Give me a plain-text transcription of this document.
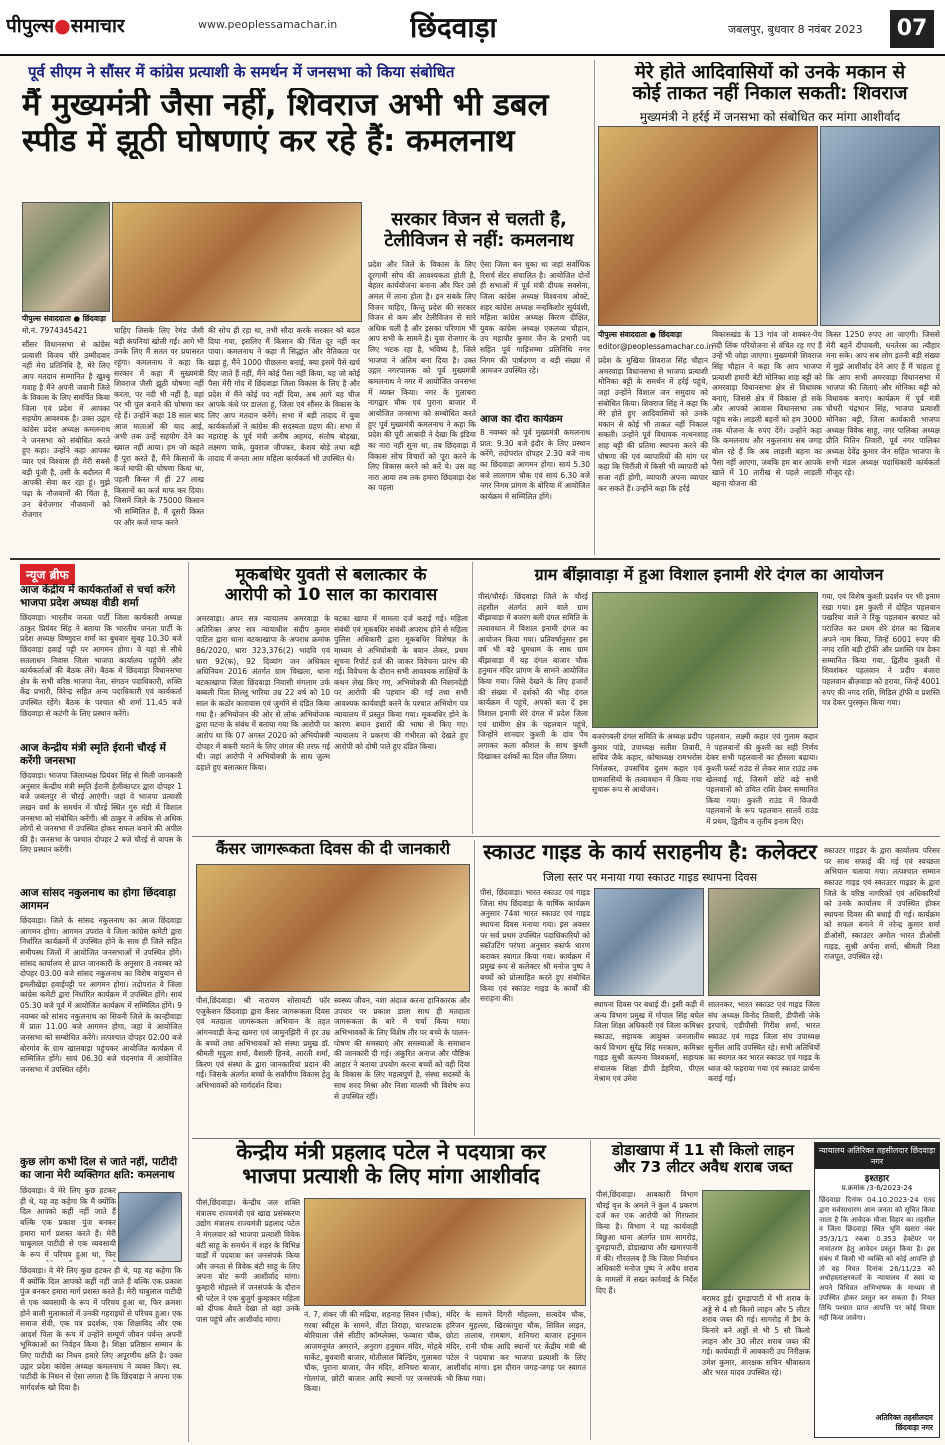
पीपुल्स●समाचार	www.peoplessamachar.in	छिंदवाड़ा	जबलपुर, बुधवार 8 नवंबर 2023	07
पूर्व सीएम ने सौंसर में कांग्रेस प्रत्याशी के समर्थन में जनसभा को किया संबोधित
मैं मुख्यमंत्री जैसा नहीं, शिवराज अभी भी डबल
स्पीड में झूठी घोषणाएं कर रहे हैं: कमलनाथ
पीपुल्स संवाददाता ● छिंदवाड़ा
मो.नं. 7974345421
सौंसर विधानसभा से कांग्रेस प्रत्याशी विजय चौरे उम्मीदवार नहीं मेरा प्रतिनिधि है, मेरे लिए आप मतदान सम्मानित है खुश्बू गवाह है मैंने अपनी जवानी जिले के विकास के लिए समर्पित किया जिला एवं प्रदेश में आपका सहयोग आवश्यक है। उक्त उद्गार कांग्रेस प्रदेश अध्यक्ष कमलनाथ ने जनसभा को संबोधित करते हुए कहा। उन्होंने कहा आपका प्यार एवं विश्वास ही मेरी सबसे बड़ी पूंजी है, उसी के बदौलत मैं आपकी सेवा कर रहा हूं। मुझे पढ़ा के नौजवानों की चिंता है, उन बेरोजगार नौजवानों को रोजगार
चाहिए जिसके लिए रेमंड जैसी बड़ी कंपनियां खोली गईं। आगे भी उनके लिए मैं सतत पर प्रयासरत रहूंगा। कमलनाथ ने कहा कि सरकार में कहा मैं मुख्यमंत्री शिवराज जैसी झूठी घोषणा नहीं करता, पर नदी भी नहीं है, वहां पर भी पुल बनाने की घोषणा कर रहे हैं। उन्होंने कहा 18 साल बाद आज माताओं की याद आई, अभी तक उन्हें सहयोग देने का ख्याल नहीं आया। हम जो कहते हैं पूरा करते हैं, मैंने किसानों के कर्ज माफी की घोषणा किया था, पहली किस्त में ही 27 लाख किसानों का कर्ज माफ कर दिया। जिसमें जिले के 75000 किसान भी सम्मिलित हैं, मैं दूसरी किस्त पर और कर्ज माफ करने
की सोच ही रहा था, तभी सौदा करके सरकार को बदल दिया गया, इसलिए मैं किसान की चिंता दूर नहीं कर पाया। कमलनाथ ने कहा मैं सिद्धांत और नैतिकता पर खड़ा हूं, मैंने 1000 पीछलना बनाई, क्या इसमें पैसे खर्च दिए जाते हैं नहीं, मैंने कोई पैसा नहीं किया, यह जो कोई पैसा मेरी गोद में छिंदवाड़ा जिला विकास के लिए है और प्रदेश में मैंने कोई पद नहीं दिया, अब आगे यह चीज आपके कंधे पर डालता हूं, जिला एवं सौंसर के विकास के लिए आप मतदान करेंगे। सभा में बड़ी तादाद में युवा कार्यकर्ताओं ने कांग्रेस की सदस्यता ग्रहण की। सभा में महाराष्ट्र के पूर्व मंत्री अनीष अहमद, संतोष बोड़खा, लक्ष्मण चाके, युवराज जीपकर, केशव बोड़े तथा बड़ी तादाद में जनता आम महिला कार्यकर्ता भी उपस्थित थे।
सरकार विजन से चलती है,
टेलीविजन से नहीं: कमलनाथ
प्रदेश और जिले के विकास के लिए दूरगामी सोच की आवश्यकता होती है, बेहतर कार्ययोजना बनाना और फिर उसे अमल में लाना होता है। इन सबके लिए विजन चाहिए, किन्तु प्रदेश की सरकार विजन से कम और टेलीविजन से सारे अधिक चली है और इसका परिणाम भी आप सभी के सामने है। युवा रोजगार के लिए भटक रहा है, भविष्य है, जिले भाजपा ने अंतिम बना दिया है। उक्त उद्गार नगरपालक को पूर्व मुख्यमंत्री कमलनाथ ने नगर में आयोजित जनसभा में व्यक्त किया। नगर के गुलाबरा नागद्वार चौक एवं पुराना बाजार में आयोजित जनसभा को सम्बोधित करते हुए पूर्व मुख्यमंत्री कमलनाथ ने कहा कि प्रदेश की पूरी आबादी ने देखा कि इंडिया का नारा नहीं सुना था, तब छिंदवाड़ा में विकास सोच विचारों को पूरा करने के लिए विकास करने को करें ये। उस वह नारा आया तब तक हमारा छिंदवाड़ा देश का पहला
ऐसा जिला बन चुका था जहां सर्वाधिक रिसर्च सेंटर संचालित है। आयोजित दोनों ही सभाओं में पूर्व मंत्री दीपक सक्सेना, जिला कांग्रेस अध्यक्ष विश्वनाथ ओक्टे, शहर कांग्रेस अध्यक्ष नन्दकिशोर सूर्यवंशी, महिला कांग्रेस अध्यक्ष किरण दीक्षित, युवक कांग्रेस अध्यक्ष एकलव्य चौहान, उप महापौर कुमार जैन के प्रभारी पद सहित पूर्व गाड़ित्तम्मा प्रतिनिधि नगर निगम की पार्षदगण व बड़ी संख्या में आमजन उपस्थित रहे।
आज का दौरा कार्यक्रम
8 नवम्बर को पूर्व मुख्यमंत्री कमलनाथ प्रात: 9.30 बजे इंदौर के लिए प्रस्थान करेंगे, तदोपरांत दोपहर 2.30 बजे नाथ का छिंदवाड़ा आगमन होगा। सायं 5.30 बजे लालगाम चौक एवं सायं 6.30 बजे नगर निगम प्रांगण के बोरिया में आयोजित कार्यक्रम में सम्मिलित होंगे।
मेरे होते आदिवासियों को उनके मकान से
कोई ताकत नहीं निकाल सकती: शिवराज
मुख्यमंत्री ने हर्रई में जनसभा को संबोधित कर मांगा आशीर्वाद
पीपुल्स संवाददाता ● छिंदवाड़ा
editor@peoplessamachar.co.in
प्रदेश के मुखिया शिवराज सिंह चौहान अमरवाड़ा विधानसभा से भाजपा प्रत्याशी मोनिका बट्टी के समर्थन में हर्रई पहुंचे, जहां उन्होंने विशाल जन समुदाय को संबोधित किया। शिवराज सिंह ने कहा कि मेरे होते हुए आदिवासियों को उनके मकान से कोई भी ताकत नहीं निकाल सकती। उन्होंने पूर्व विधायक नत्थनशाह शाह बट्टी की प्रतिमा स्थापना करने की घोषणा की एवं व्यापारियों की मांग पर कहा कि चिरौंजी में किसी भी व्यापारी को सजा नहीं होगी, व्यापारी अपना व्यापार कर सकते हैं। उन्होंने कहा कि हर्रई
विकासखंड के 13 गांव जो शक्कर-पेंच नदी लिंक परियोजना से वंचित रह गए हैं उन्हें भी जोड़ा जाएगा। मुख्यमंत्री शिवराज सिंह चौहान ने कहा कि आप भाजपा प्रत्याशी हमारी बेटी मोनिका शाह बट्टी को अमरवाड़ा विधानसभा क्षेत्र से विधायक बनाएं, जिससे क्षेत्र में विकास हो सके और आपको आवास विधानसभा तक पहुंच सके। लाड़ली बहनों को हम 3000 तक योजना के रुपए देंगे। उन्होंने कहा कि कमलनाथ और नकुलनाथ सब जगह बोल रहे हैं कि अब लाड़ली बहना का पैसा नहीं आएगा, जबकि हम बार आपके खाते में 10 तारीख से पहले लाड़ली बहना योजना की
किस्त 1250 रुपए आ जाएगी। जिससे मेरी बहनें दीपावली, धनतेरस का त्यौहार मना सके। आप सब लोग इतनी बड़ी संख्या में मुझे आशीर्वाद देने आए हैं मैं चाहता हूं कि आप सभी अमरवाड़ा विधानसभा में भाजपा की जिताएं और मोनिका बट्टी को विधायक बनाएं। कार्यक्रम में पूर्व मंत्री चौधरी चंद्रभान सिंह, भाजपा प्रत्याशी मोनिका बट्टी, जिला कार्यकारी भाजपा अध्यक्ष विवेक साहू, नगर पालिका अध्यक्ष प्रीति नितिन तिवारी, पूर्व नगर पालिका अध्यक्ष देवेंद्र कुमार जैन सहित भाजपा के सभी मंडल अध्यक्ष पदाधिकारी कार्यकर्ता मौजूद रहे।
न्यूज ब्रीफ
आज केंद्रीय में कार्यकर्ताओं से चर्चा करेंगे भाजपा प्रदेश अध्यक्ष वीडी शर्मा
छिंदवाड़ा। भारतीय जनता पार्टी जिला कार्यकारी अध्यक्ष ठाकुर प्रियंवर सिंह ने बताया कि भारतीय जनता पार्टी के प्रदेश अध्यक्ष विष्णुदत्त शर्मा का बुधवार सुबह 10.30 बजे छिंदवाड़ा हवाई पट्टी पर आगमन होगा। वे यहां से सीधे सतलाधन निवास जिला भाजपा कार्यालय पहुंचेंगे और कार्यकर्ताओं की बैठक लेंगे। बैठक में छिंदवाड़ा विधानसभा क्षेत्र के सभी वरिष्ठ भाजपा नेता, संगठन पदाधिकारी, शक्ति केंद्र प्रभारी, विरेन्द्र सहित अन्य पदाधिकारी एवं कार्यकर्ता उपस्थित रहेंगे। बैठक के पश्चात श्री शर्मा 11.45 बजे छिंदवाड़ा से कटंगी के लिए प्रस्थान करेंगे।
आज केन्द्रीय मंत्री स्मृति ईरानी चौरई में करेंगी जनसभा
छिंदवाड़ा। भाजपा जिलाध्यक्ष प्रियंवर सिंह से मिली जानकारी अनुसार केन्द्रीय मंत्री स्मृति ईरानी हेलीकाप्टर द्वारा दोपहर 1 बजे जबलपुर से चौरई आएंगी। जहां वे भाजपा प्रत्याशी लखन वर्मा के समर्थन में चौरई स्थित गुरु मंडी में विशाल जनसभा को संबोधित करेंगी। श्री ठाकुर ने अधिक से अधिक लोगों से जनसभा में उपस्थित होकर सफल बनाने की अपील की है। जनसभा के पश्चात दोपहर 2 बजे चौरई से वापस के लिए प्रस्थान करेंगी।
आज सांसद नकुलनाथ का होगा छिंदवाड़ा आगमन
छिंदवाड़ा। जिले के सांसद नकुलनाथ का आज छिंदवाड़ा आगमन होगा। आगमन उपरांत वे जिला कांग्रेस कमेटी द्वारा निर्धारित कार्यक्रमों में उपस्थित होने के साथ ही जिले सहित समीपस्थ जिलों में आयोजित जनसभाओं में उपस्थित होंगे। सांसद कार्यालय से प्राप्त जानकारी के अनुसार 8 नवम्बर को दोपहर 03.00 बजे सांसद नकुलनाथ का विशेष वायुयान से इमलीखेड़ा हवाईपट्टी पर आगमन होगा। तदोपरांत वे जिला कांग्रेस कमेटी द्वारा निर्धारित कार्यक्रम में उपस्थित होंगे। सायं 05.30 बजे पूर्व में आयोजित कार्यक्रम में सम्मिलित होंगे। 9 नवम्बर को सांसद नकुलनाथ का सिवनी जिले के कान्हीवाड़ा में प्रातः 11.00 बजे आगमन होगा, जहां वे आयोजित जनसभा को सम्बोधित करेंगे। तत्पश्चात दोपहर 02.00 बजे बोरगांव के ग्राम खालवाड़ा पहुंचकर आयोजित कार्यक्रम में सम्मिलित होंगे। सायं 06.30 बजे चंदनगांव में आयोजित जनसभा में उपस्थित रहेंगे।
कुछ लोग कभी दिल से जाते नहीं, पाटीदी का जाना मेरी व्यक्तिगत क्षति: कमलनाथ
छिंदवाड़ा। वे मेरे लिए कुछ हटकर ही थे, यह वह कहेगा कि मैं क्योंकि दिल आपको कहीं नहीं जाते हैं बल्कि एक प्रकाश पुंज बनकर हमारा मार्ग प्रशस्त करते हैं। मेरी चाबुलाल पाटीदी से एक व्यवसायी के रूप में परिचय हुआ था, फिर
छिंदवाड़ा। वे मेरे लिए कुछ हटकर ही थे, यह वह कहेगा कि मैं क्योंकि दिल आपको कहीं नहीं जाते हैं बल्कि एक प्रकाश पुंज बनकर हमारा मार्ग प्रशस्त करते हैं। मेरी चाबुलाल पाटीदी से एक व्यवसायी के रूप में परिचय हुआ था, फिर क्रमशः होने वाली मुलाकातों में उनकी गहराइयों से परिचय हुआ। एक समाज सेवी, एक पत्र प्रदर्शक, एक शिक्षाविद और एक आदर्श पिता के रूप में उन्होंने सम्पूर्ण जीवन पर्यन्त अपनी भूमिकाओं का निर्वहन किया है। शिक्षा प्रतिष्ठान सम्मान के लिए पाटीदी का निधन हमारे लिए अपूरणीय क्षति है। उक्त उद्गार प्रदेश कांग्रेस अध्यक्ष कमलनाथ ने व्यक्त किए। स्व. पाटीदी के निधन से ऐसा लगता है कि छिंदवाड़ा ने अपना एक मार्गदर्शक खो दिया है।
मूकबधिर युवती से बलात्कार के
आरोपी को 10 साल का कारावास
अमरवाड़ा। अपर सत्र न्यायालय अमरवाड़ा के अतिरिक्त अपर सत्र न्यायाधीश संदीप कुमार पाटिल द्वारा थाना बटकाखापा के अपराध क्रमांक 86/2020, धारा 323,376(2) भादवि एवं धारा 92(क), 92 दिव्यांग जन अधिकार अधिनियम 2016 अंतर्गत ग्राम चिखला, थाना बटकाखापा जिला छिंदवाड़ा निवासी मंगलाम उर्फ बब्बली पिता तिल्लू भारिया उम्र 22 वर्ष को 10 साल के कठोर कारावास एवं जुर्माने से दंडित किया गया है। अभियोजन की ओर से लोक अभियोजक द्वारा घटना के संबंध में बताया गया कि आरोपी पर आरोप था कि 07 अगस्त 2020 को अभियोक्त्री दोपहर में बकरी चराने के लिए जंगल की तरफ गई थी। जहां आरोपी ने अभियोक्त्री के साथ ज़ुल्म ढहाते हुए बलात्कार किया।
बटका खापा में मामला दर्ज कराई गई। महिला संबंधी एवं मूकबधिर संबंधी अपराध होने से महिला पुलिस अधिकारी द्वारा मूकबधिर विशेषज्ञ के माध्यम से अभियोक्त्री के बयान लेकर, प्रथम सूचना रिपोर्ट दर्ज की जाकर विवेचना प्रारंभ की गई। विवेचना के दौरान सभी आवश्यक साक्षियों के कथन लेख किए गए, अभियोक्त्री की निशानदेही पर आरोपी की पहचान की गई तथा सभी आवश्यक कार्यवाही करने के पश्चात अभियोग पत्र न्यायालय में प्रस्तुत किया गया। मूकबधिर होने के कारण बयान इशारों की भाषा से किए गए। न्यायालय ने प्रकरण की गंभीरता को देखते हुए आरोपी को दोषी पाते हुए दंडित किया।
ग्राम बींझावाड़ा में हुआ विशाल इनामी शेरे दंगल का आयोजन
पीसं/चौरई। छिंदवाड़ा जिले के चौरई तहसील अंतर्गत आने वाले ग्राम बींझावाड़ा में बजरंग बली दंगल समिति के तत्वावधान में विशाल इनामी दंगल का आयोजन किया गया। प्रतिवर्षानुसार इस वर्ष भी बड़े धूमधाम के साथ ग्राम बींझावाड़ा में यह दंगल बाजार चौक हनुमान मंदिर प्रांगण के सामने आयोजित किया गया। जिसे देखने के लिए हजारों की संख्या में दर्शकों की भीड़ दंगल कार्यक्रम में पहुंचे, अपको बता दें इस विशाल इनामी शेरे दंगल में प्रदेश जिला एवं ग्रामीण क्षेत्र के पहलवान पहुंचे, जिन्होंने शानदार कुश्ती के दांव पेंच लगाकर कला कौशल के साथ कुश्ती दिखाकर दर्शकों का दिल जीत लिया।
बजरंगबली दंगल समिति के अध्यक्ष प्रदीप कुमार पांडे, उपाध्यक्ष सतीश तिवारी, सचिव जैके कहार, कोषाध्यक्ष रामभरोस निर्मलकर, उपसचिव दुलम कहार एवं ग्रामवासियों के तत्वावधान में किया गया सुचारू रूप से आयोजन।
पहलवान, लक्ष्मी कहार एवं गुलाम कहार ने पहलवानों की कुश्ती का सही निर्णय देकर सभी पहलवानों का हौसला बढ़ाया। कुश्ती फर्स्ट राउंड से लेकर सात राउंड तक खेलवाई गई, जिसमें छोटे बड़े सभी पहलवानों को उचित राशि देकर सम्मानित किया गया। कुश्ती राउंड में विजयी पहलवानों के रूप पहलवान सातवें राउंड में प्रथम, द्वितीय व तृतीय इनाम दिए।
गया, एवं विशेष कुश्ती प्रदर्शन पर भी इनाम रखा गया। इस कुश्ती में दोहित पहलवान पखरिया वाले ने रिंकू पहलवान बरघाट को पराजित कर प्रथम शेरे दंगल का खिताब अपने नाम किया, जिन्हें 6001 रुपए की नगद राशि बड़ी ट्रॉफी और प्रशस्ति पत्र देकर सम्मानित किया गया, द्वितीय कुश्ती में शिवशंकर पहलवान ने प्रदीप बंजारा पहलवान ब्रीज़वाड़ा को हराया, जिन्हें 4001 रुपए की नगद राशि, मिडिल ट्रॉफी व प्रशस्ति पत्र देकर पुरस्कृत किया गया।
कैंसर जागरूकता दिवस की दी जानकारी
पीसं,छिंदवाड़ा। श्री नारायण सोसायटी फॉर एजुकेशन छिंदवाड़ा द्वारा कैंसर जागरूकता दिवस एवं मतदाता जागरूकता अभियान के तहत आंगनवाड़ी केन्द्र खमरा एवं जामुनझिरी में हर उम्र के बच्चों तथा अभिभावकों को संस्था प्रमुख डॉ. श्रीमती मृदुला शर्मा, वैशाली हिनवे, आरती शर्मा, किरण एवं संस्था के द्वारा जानकारियां प्रदान की गईं। जिसके अंतर्गत बच्चों के सर्वांगीण विकास हेतु अभिभावकों को मार्गदर्शन दिया।
स्वस्थ्य जीवन, नशा अंदाज करना हानिकारक और उपचार पर प्रकाश डाला साथ ही मतदाता जागरूकता के बारे में चर्चा किया गया। अभिभावकों के लिए विशेष तौर पर बच्चे के पालन-पोषण की समस्याएं और समस्याओं के समाधान की जानकारी दी गई। अंकुरित अनाज और पौष्टिक आहार ने बताया उपयोग करना बच्चों को वही दिया के विकास के लिए महत्वपूर्ण है, संस्था सदस्यों के साथ शरद मिश्रा और निशा मालवी भी विशेष रूप से उपस्थित रहीं।
स्काउट गाइड के कार्य सराहनीय है: कलेक्टर
जिला स्तर पर मनाया गया स्काउट गाइड स्थापना दिवस
पीसं, छिंदवाड़ा। भारत स्काउट एवं गाइड जिला संघ छिंदवाड़ा के वार्षिक कार्यक्रम अनुसार 74वां भारत स्काउट एवं गाइड स्थापना दिवस मनाया गया। इस अवसर पर सर्व प्रथम उपस्थित पदाधिकारियों को स्कॉउटिंग परंपरा अनुसार स्कार्फ धारण कराकर स्वागत किया गया। कार्यक्रम में प्रमुख रूप से कलेक्टर श्री मनोज पुष्प ने बच्चों को प्रोत्साहित करते हुए संबोधित किया एवं स्काउट गाइड के कार्यों की सराहना की।
स्थापना दिवस पर बधाई दी। इसी कड़ी में अन्य विभाग प्रमुख में गोपाल सिंह बघेल जिला शिक्षा अधिकारी एवं जिला कमिश्नर स्काउट, सहायक आयुक्त जनजातीय कार्य विभाग सुरेंद्र सिंह मरकाम, कमिश्नर गाइड सुश्री कल्पना विश्वकर्मा, सहायक संचालक शिक्षा डीपी डेहरिया, पीएल मेश्राम एवं उमेश
सातनकर, भारत स्काउट एवं गाइड जिला संघ अध्यक्ष विनोद तिवारी, डीपीसी जेके इरपाचे, एडीपीसी गिरीश शर्मा, भारत स्काउट एवं गाइड जिला संघ उपाध्यक्ष सुनील आदि उपस्थित रहे। सभी अतिथियों का स्वागत कर भारत स्काउट एवं गाइड के ध्वज को फहराया गया एवं स्काउट प्रार्थना कराई गई।
स्काउटर गाइडर के द्वारा कार्यालय परिसर पर साथ सफाई की गई एवं स्वच्छता अभियान चलाया गया। तत्पश्चात सम्मान स्काउट गाइड एवं स्काउटर गाइडर के द्वारा जिले के वरिष्ठ नागरिकों एवं अधिकारियों को उनके कार्यालय में उपस्थित होकर स्थापना दिवस की बधाई दी गई। कार्यक्रम को सफल बनाने में नरेन्द्र कुमार शर्मा डीओसी, स्काउटर अमोल भारत डीओसी गाइड, सुश्री अर्चना शर्मा, श्रीमती निशा राजपूत, उपस्थित रहे।
केन्द्रीय मंत्री प्रहलाद पटेल ने पदयात्रा कर
भाजपा प्रत्याशी के लिए मांगा आशीर्वाद
पीसं,छिंदवाड़ा। केन्द्रीय जल शक्ति मंत्रालय राज्यमंत्री एवं खाद्य प्रसंस्करण उद्योग मंत्रालय राज्यमंत्री प्रहलाद पटेल ने मंगलवार को भाजपा प्रत्याशी विवेक बंटी साहू के समर्थन में शहर के विभिन्न वार्डों में पदयात्रा कर जनसंपर्क किया और जनता से विवेक बंटी साहू के लिए अपना वोट रूपी आशीर्वाद मांगा। कुम्हारी मोहल्ले में जनसंपर्क के दौरान श्री पटेल ने एक बुजुर्ग कुम्हकार महिला को दीपक बेचते देखा तो वहां उनके पास पहुंचे और आशीर्वाद मांगा।
नं. 7, शंकर जी की मढ़िया, शहनाह सिवन (चौक), गरबा स्वीट्स के सामने, वींटा तिराहा, चारफाटक बोरियाला जैसे सीटीए कॉम्प्लेक्स, फव्वारा चौक, आजमनूमंत अमराने, अनुराग हनुमान मंदिर, मोहबे मार्केट, बुधवारी बाजार, मोतीलाल बिल्डिंग, गुलाबरा चौक, पुराना बाजार, जैन मंदिर, शनिचरा बाजार, गोलगंज, छोटी बाजार आदि स्थानों पर जनसंपर्क किया।
मंदिर के सामने दिगरी मोहल्ला, सत्यदेव चौक, हरिजन मुहल्ला, खिरकापुरा चौक, सिविल लाइन, छोटा तालाब, रामबाग, शनिचरा बाजार हनुमान मंदिर, रानी चौक आदि स्थानों पर केंद्रीय मंत्री श्री पटेल ने पदयात्रा कर भाजपा प्रत्याशी के लिए आशीर्वाद मांगा। इस दौरान जगह-जगह पर स्वागत भी किया गया।
डोडाखापा में 11 सौ किलो लाहन
और 73 लीटर अवैध शराब जब्त
पीसं,छिंदवाड़ा। आबकारी विभाग चौरई वृत्त के अमले ने कुल 4 प्रकरण दर्ज कर एक आरोपी को गिरफ्तार किया है। विभाग ने यह कार्यवाही बिछुआ थाना अंतर्गत ग्राम सागरोड़, दुमड़ापाटी, डोडाखापा और खमारपानी में की। गौरतलब है कि जिला निर्वाचन अधिकारी मनोज पुष्प ने अवैध शराब के मामलों में सख्त कार्रवाई के निर्देश दिए हैं।
बरामद हुई। दुमड़ापाटी में भी शराब के अड्डे से 4 सौ किलो लाहन और 5 लीटर शराब जब्त की गई। सागरोड़ में डैम के किनारे बने अड्डों से भी 5 सौ किलो लाहन और 30 लीटर शराब जब्त की गई। कार्यवाही में आबकारी उप निरीक्षक उमेश कुमार, आरक्षक सचिन श्रीवास्तव और भरत यादव उपस्थित रहे।
न्यायालय अतिरिक्त तहसीलदार छिंदवाड़ा नगर
इश्तहार
प्र.क्रमांक /3-6/2023-24
छिंदवाड़ा दिनांक 04.10.2023-24 एतद द्वारा सर्वसाधारण आम जनता को सूचित किया जाता है कि आवेदक मौजा विहार का तहसील व जिला छिंदवाड़ा स्थित भूमि खसरा नंबर 35/3/1/1 रकबा 0.353 हेक्टेयर पर नामांतरण हेतु आवेदन प्रस्तुत किया है। इस संबंध में किसी भी व्यक्ति को कोई आपत्ति हो तो वह नियत दिनांक 26/11/23 को अधोहस्ताक्षरकर्ता के न्यायालय में स्वयं या अपने विधिवत अभिभाषक के माध्यम से उपस्थित होकर प्रस्तुत कर सकता है। नियत तिथि पश्चात प्राप्त आपत्ति पर कोई विचार नहीं किया जावेगा।
अतिरिक्त तहसीलदार
छिंदवाड़ा नगर
